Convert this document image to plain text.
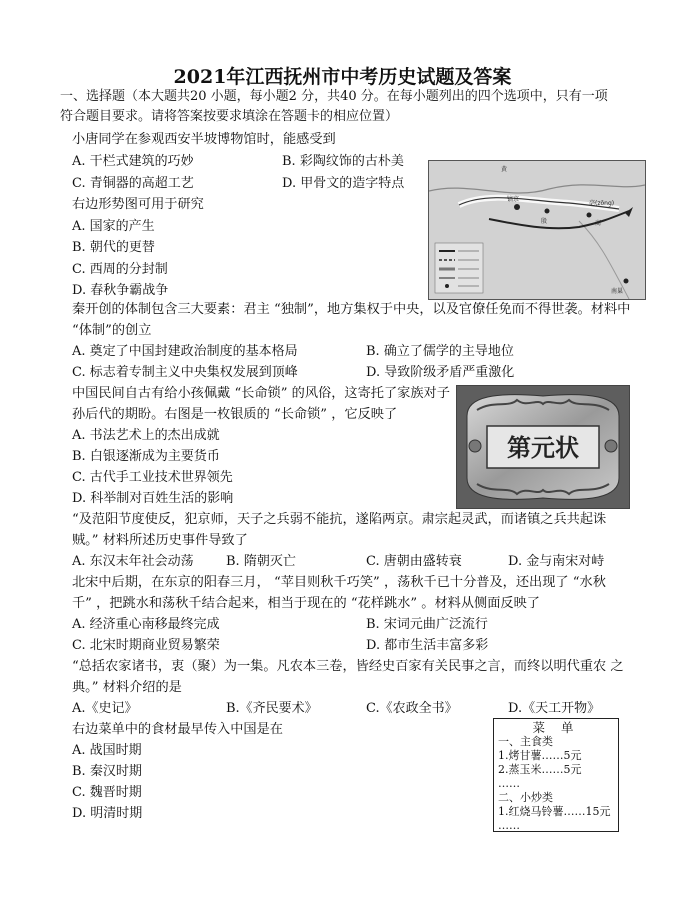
2021年江西抚州市中考历史试题及答案
一、选择题（本大题共20 小题，每小题2 分，共40 分。在每小题列出的四个选项中，只有一项
符合题目要求。请将答案按要求填涂在答题卡的相应位置）
小唐同学在参观西安半坡博物馆时，能感受到
A. 干栏式建筑的巧妙	B. 彩陶纹饰的古朴美
C. 青铜器的高超工艺	D. 甲骨文的造字特点
右边形势图可用于研究
A. 国家的产生
B. 朝代的更替
C. 西周的分封制
D. 春秋争霸战争
黄
镐京
殷	商
亳(zōng)
南巢
秦开创的体制包含三大要素：君主 “独制”，地方集权于中央，以及官僚任免而不得世袭。材料中
“体制”的创立
A. 奠定了中国封建政治制度的基本格局	B. 确立了儒学的主导地位
C. 标志着专制主义中央集权发展到顶峰	D. 导致阶级矛盾严重激化
中国民间自古有给小孩佩戴 “长命锁” 的风俗，这寄托了家族对子
孙后代的期盼。右图是一枚银质的 “长命锁” ，它反映了
A. 书法艺术上的杰出成就
B. 白银逐渐成为主要货币
C. 古代手工业技术世界领先
D. 科举制对百姓生活的影响
第元状
“及范阳节度使反，犯京师，天子之兵弱不能抗，遂陷两京。肃宗起灵武，而诸镇之兵共起诛
贼。” 材料所述历史事件导致了
A. 东汉末年社会动荡 B. 隋朝灭亡	C. 唐朝由盛转衰	D. 金与南宋对峙
北宋中后期，在东京的阳春三月， “苹目则秋千巧笑” ，荡秋千已十分普及，还出现了 “水秋
千” ，把跳水和荡秋千结合起来，相当于现在的 “花样跳水” 。材料从侧面反映了
A. 经济重心南移最终完成	B. 宋词元曲广泛流行
C. 北宋时期商业贸易繁荣	D. 都市生活丰富多彩
“总括农家诸书，衷（聚）为一集。凡农本三卷，皆经史百家有关民事之言，而终以明代重农 之
典。” 材料介绍的是
A.《史记》	B.《齐民要术》	C.《农政全书》	D.《天工开物》
右边菜单中的食材最早传入中国是在
A. 战国时期
B. 秦汉时期
C. 魏晋时期
D. 明清时期
菜 单
一、主食类
1.烤甘薯……5元
2.蒸玉米……5元
……
二、小炒类
1.红烧马铃薯……15元
……
